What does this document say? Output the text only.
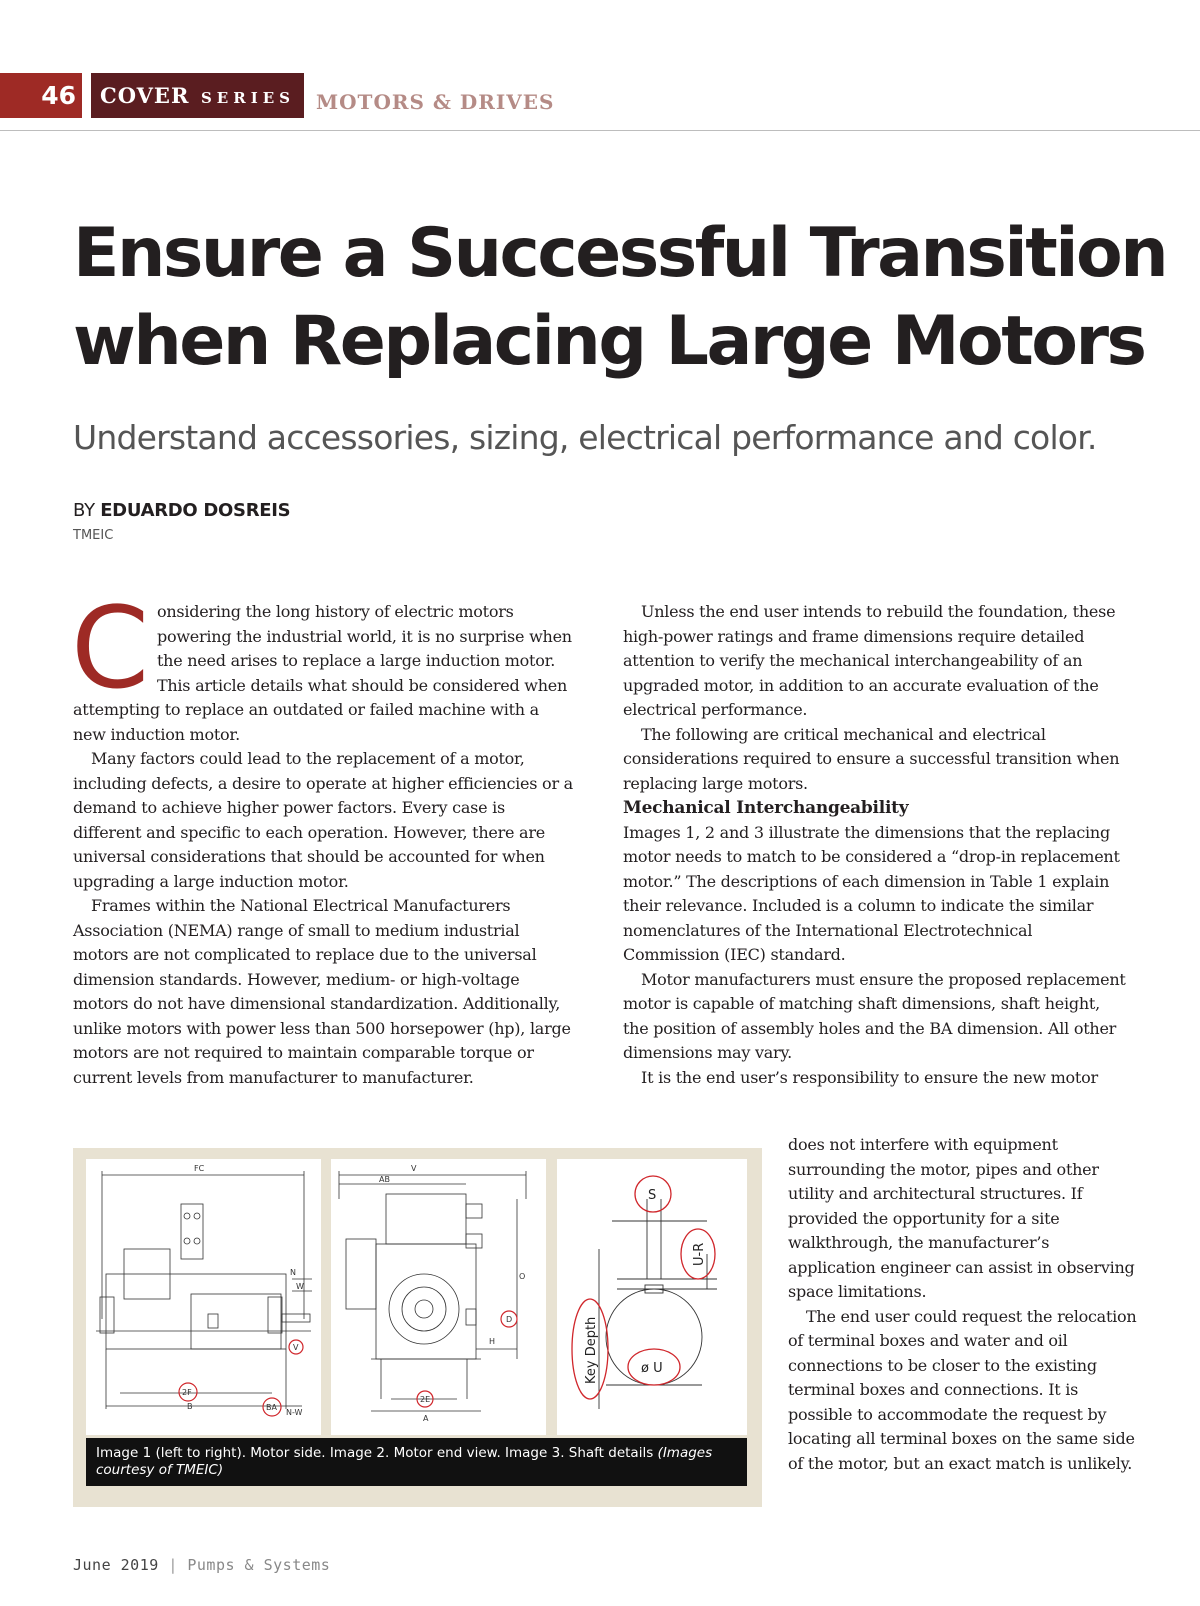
46	COVER SERIES	MOTORS & DRIVES
Ensure a Successful Transition when Replacing Large Motors
Understand accessories, sizing, electrical performance and color.
BY EDUARDO DOSREIS
TMEIC

Considering the long history of electric motors powering the industrial world, it is no surprise when the need arises to replace a large induction motor. This article details what should be considered when attempting to replace an outdated or failed machine with a new induction motor.

Many factors could lead to the replacement of a motor, including defects, a desire to operate at higher efficiencies or a demand to achieve higher power factors. Every case is different and specific to each operation. However, there are universal considerations that should be accounted for when upgrading a large induction motor.

Frames within the National Electrical Manufacturers Association (NEMA) range of small to medium industrial motors are not complicated to replace due to the universal dimension standards. However, medium- or high-voltage motors do not have dimensional standardization. Additionally, unlike motors with power less than 500 horsepower (hp), large motors are not required to maintain comparable torque or current levels from manufacturer to manufacturer.

Unless the end user intends to rebuild the foundation, these high-power ratings and frame dimensions require detailed attention to verify the mechanical interchangeability of an upgraded motor, in addition to an accurate evaluation of the electrical performance.

The following are critical mechanical and electrical considerations required to ensure a successful transition when replacing large motors.

Mechanical Interchangeability

Images 1, 2 and 3 illustrate the dimensions that the replacing motor needs to match to be considered a “drop-in replacement motor.” The descriptions of each dimension in Table 1 explain their relevance. Included is a column to indicate the similar nomenclatures of the International Electrotechnical Commission (IEC) standard.

Motor manufacturers must ensure the proposed replacement motor is capable of matching shaft dimensions, shaft height, the position of assembly holes and the BA dimension. All other dimensions may vary.

It is the end user’s responsibility to ensure the new motor

does not interfere with equipment surrounding the motor, pipes and other utility and architectural structures. If provided the opportunity for a site walkthrough, the manufacturer’s application engineer can assist in observing space limitations.

The end user could request the relocation of terminal boxes and water and oil connections to be closer to the existing terminal boxes and connections. It is possible to accommodate the request by locating all terminal boxes on the same side of the motor, but an exact match is unlikely.

FC
N
W
B
N-W
V
2F
BA
V
AB
O
H
A
D
2E
S
U-R
Key Depth	ø U
Image 1 (left to right). Motor side. Image 2. Motor end view. Image 3. Shaft details (Images courtesy of TMEIC)
June 2019 | Pumps & Systems
